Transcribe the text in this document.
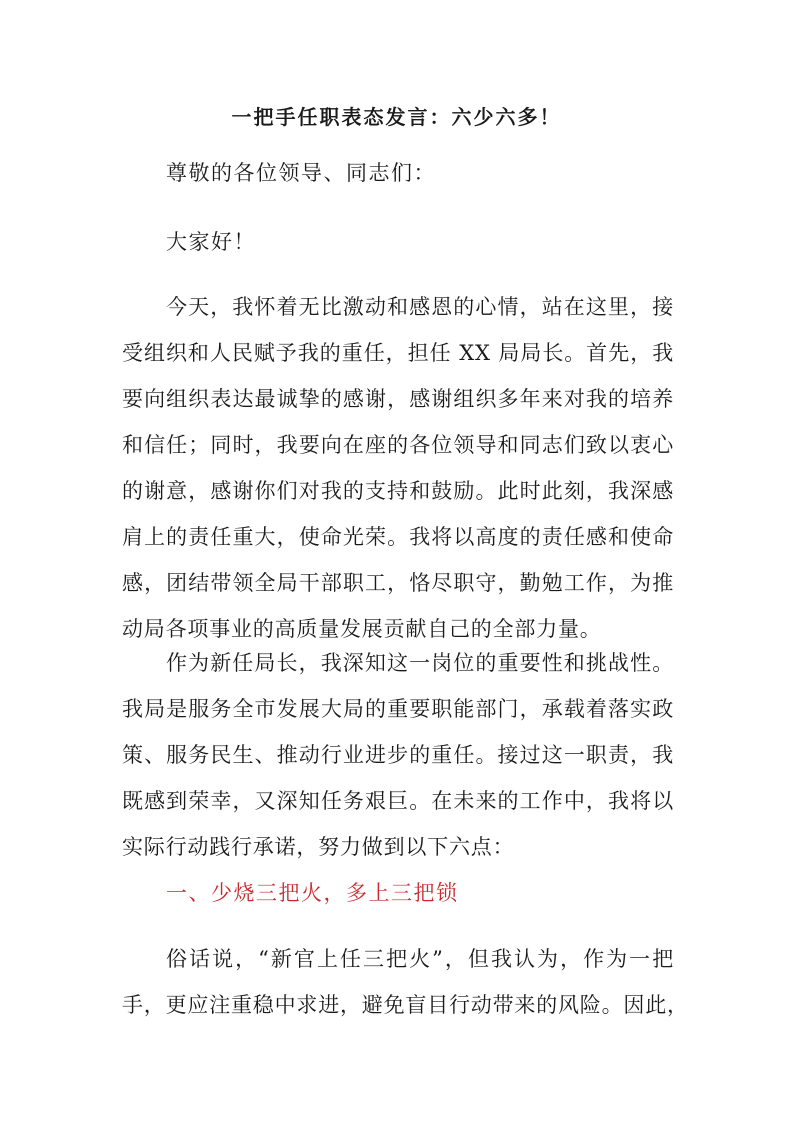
一把手任职表态发言：六少六多！
尊敬的各位领导、同志们：
大家好！
今天，我怀着无比激动和感恩的心情，站在这里，接
受组织和人民赋予我的重任，担任 XX 局局长。首先，我
要向组织表达最诚挚的感谢，感谢组织多年来对我的培养
和信任；同时，我要向在座的各位领导和同志们致以衷心
的谢意，感谢你们对我的支持和鼓励。此时此刻，我深感
肩上的责任重大，使命光荣。我将以高度的责任感和使命
感，团结带领全局干部职工，恪尽职守，勤勉工作，为推
动局各项事业的高质量发展贡献自己的全部力量。
作为新任局长，我深知这一岗位的重要性和挑战性。
我局是服务全市发展大局的重要职能部门，承载着落实政
策、服务民生、推动行业进步的重任。接过这一职责，我
既感到荣幸，又深知任务艰巨。在未来的工作中，我将以
实际行动践行承诺，努力做到以下六点：
一、少烧三把火，多上三把锁
俗话说，“新官上任三把火”，但我认为，作为一把
手，更应注重稳中求进，避免盲目行动带来的风险。因此，
